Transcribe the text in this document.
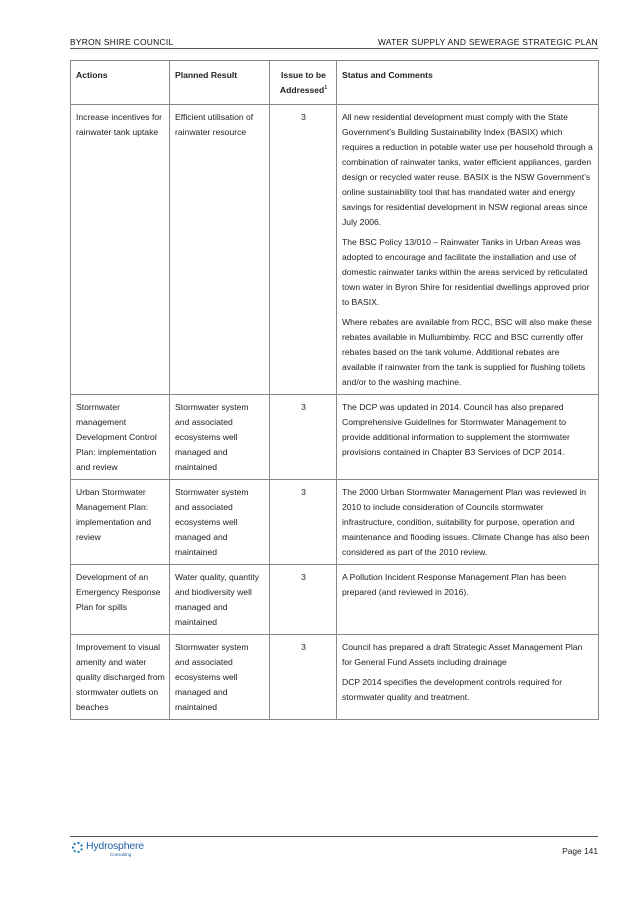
BYRON SHIRE COUNCIL	WATER SUPPLY AND SEWERAGE STRATEGIC PLAN
Actions	Planned Result	Issue to be Addressed$^1$	Status and Comments
Increase incentives for rainwater tank uptake	Efficient utilisation of rainwater resource	3	All new residential development must comply with the State Government’s Building Sustainability Index (BASIX) which requires a reduction in potable water use per household through a combination of rainwater tanks, water efficient appliances, garden design or recycled water reuse. BASIX is the NSW Government’s online sustainability tool that has mandated water and energy savings for residential development in NSW regional areas since July 2006.

The BSC Policy 13/010 – Rainwater Tanks in Urban Areas was adopted to encourage and facilitate the installation and use of domestic rainwater tanks within the areas serviced by reticulated town water in Byron Shire for residential dwellings approved prior to BASIX.

Where rebates are available from RCC, BSC will also make these rebates available in Mullumbimby. RCC and BSC currently offer rebates based on the tank volume. Additional rebates are available if rainwater from the tank is supplied for flushing toilets and/or to the washing machine.

Stormwater management Development Control Plan: implementation and review	Stormwater system and associated ecosystems well managed and maintained	3	The DCP was updated in 2014. Council has also prepared Comprehensive Guidelines for Stormwater Management to provide additional information to supplement the stormwater provisions contained in Chapter B3 Services of DCP 2014.

Urban Stormwater Management Plan: implementation and review	Stormwater system and associated ecosystems well managed and maintained	3	The 2000 Urban Stormwater Management Plan was reviewed in 2010 to include consideration of Councils stormwater infrastructure, condition, suitability for purpose, operation and maintenance and flooding issues. Climate Change has also been considered as part of the 2010 review.

Development of an Emergency Response Plan for spills	Water quality, quantity and biodiversity well managed and maintained	3	A Pollution Incident Response Management Plan has been prepared (and reviewed in 2016).

Improvement to visual amenity and water quality discharged from stormwater outlets on beaches	Stormwater system and associated ecosystems well managed and maintained	3	Council has prepared a draft Strategic Asset Management Plan for General Fund Assets including drainage

DCP 2014 specifies the development controls required for stormwater quality and treatment.

Hydrosphere
Consulting	Page 141
